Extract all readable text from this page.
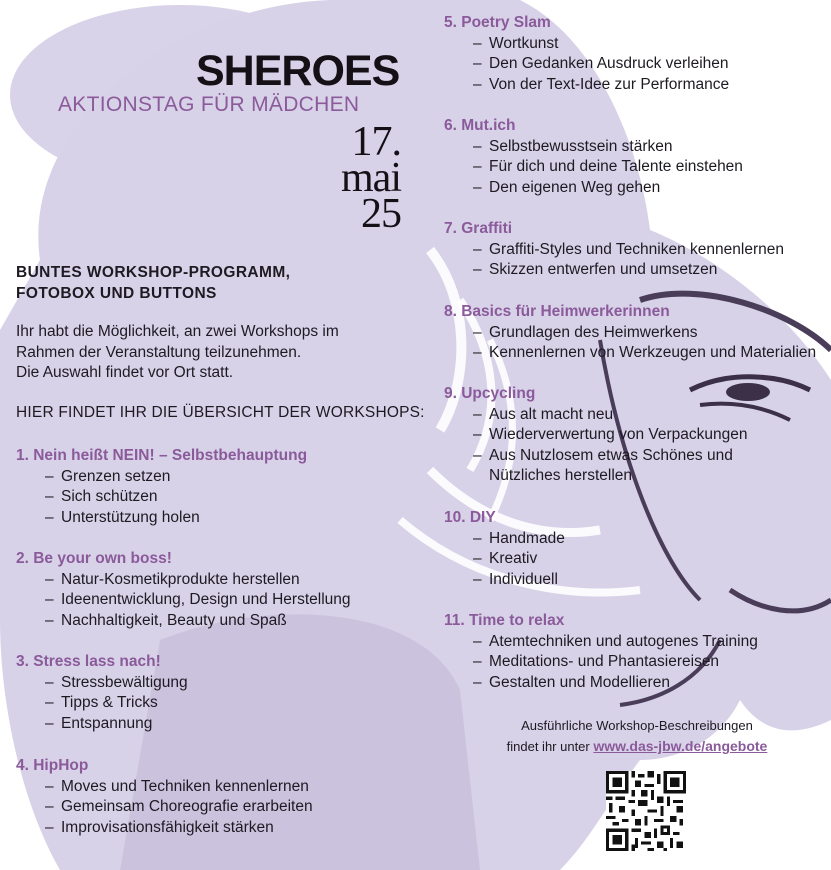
SHEROES
AKTIONSTAG FÜR MÄDCHEN
17.
mai
25
BUNTES WORKSHOP-PROGRAMM,
FOTOBOX UND BUTTONS
Ihr habt die Möglichkeit, an zwei Workshops im
Rahmen der Veranstaltung teilzunehmen.
Die Auswahl findet vor Ort statt.
HIER FINDET IHR DIE ÜBERSICHT DER WORKSHOPS:
1. Nein heißt NEIN! – Selbstbehauptung
– Grenzen setzen
– Sich schützen
– Unterstützung holen
2. Be your own boss!
– Natur-Kosmetikprodukte herstellen
– Ideenentwicklung, Design und Herstellung
– Nachhaltigkeit, Beauty und Spaß
3. Stress lass nach!
– Stressbewältigung
– Tipps & Tricks
– Entspannung
4. HipHop
– Moves und Techniken kennenlernen
– Gemeinsam Choreografie erarbeiten
– Improvisationsfähigkeit stärken
5. Poetry Slam
– Wortkunst
– Den Gedanken Ausdruck verleihen
– Von der Text-Idee zur Performance
6. Mut.ich
– Selbstbewusstsein stärken
– Für dich und deine Talente einstehen
– Den eigenen Weg gehen
7. Graffiti
– Graffiti-Styles und Techniken kennenlernen
– Skizzen entwerfen und umsetzen
8. Basics für Heimwerkerinnen
– Grundlagen des Heimwerkens
– Kennenlernen von Werkzeugen und Materialien
9. Upcycling
– Aus alt macht neu
– Wiederverwertung von Verpackungen
– Aus Nutzlosem etwas Schönes und
Nützliches herstellen
10. DIY
– Handmade
– Kreativ
– Individuell
11. Time to relax
– Atemtechniken und autogenes Training
– Meditations- und Phantasiereisen
– Gestalten und Modellieren
Ausführliche Workshop-Beschreibungen
findet ihr unter www.das-jbw.de/angebote
